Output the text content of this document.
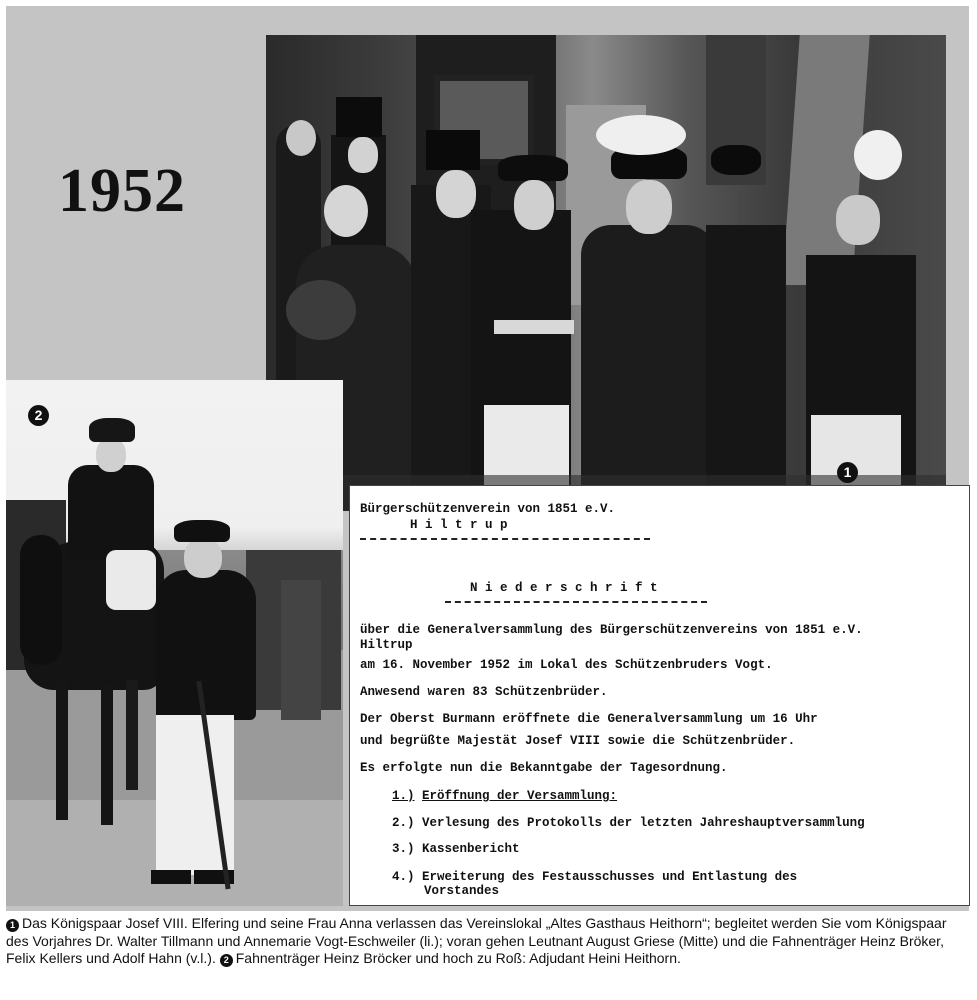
1952
1
2
Bürgerschützenverein von 1851 e.V.
H i l t r u p
N i e d e r s c h r i f t
über die Generalversammlung des Bürgerschützenvereins von 1851 e.V.
Hiltrup
am 16. November 1952 im Lokal des Schützenbruders Vogt.
Anwesend waren 83 Schützenbrüder.
Der Oberst Burmann eröffnete die Generalversammlung um 16 Uhr
und begrüßte Majestät Josef VIII sowie die Schützenbrüder.
Es erfolgte nun die Bekanntgabe der Tagesordnung.
1.) Eröffnung der Versammlung:
2.) Verlesung des Protokolls der letzten Jahreshauptversammlung
3.) Kassenbericht
4.) Erweiterung des Festausschusses und Entlastung des
Vorstandes
1 Das Königspaar Josef VIII. Elfering und seine Frau Anna verlassen das Vereinslokal „Altes Gasthaus Heithorn“; begleitet werden Sie vom Königspaar des Vorjahres Dr. Walter Tillmann und Annemarie Vogt-Eschweiler (li.); voran gehen Leutnant August Griese (Mitte) und die Fahnenträger Heinz Bröker, Felix Kellers und Adolf Hahn (v.l.). 2 Fahnenträger Heinz Bröcker und hoch zu Roß: Adjudant Heini Heithorn.
